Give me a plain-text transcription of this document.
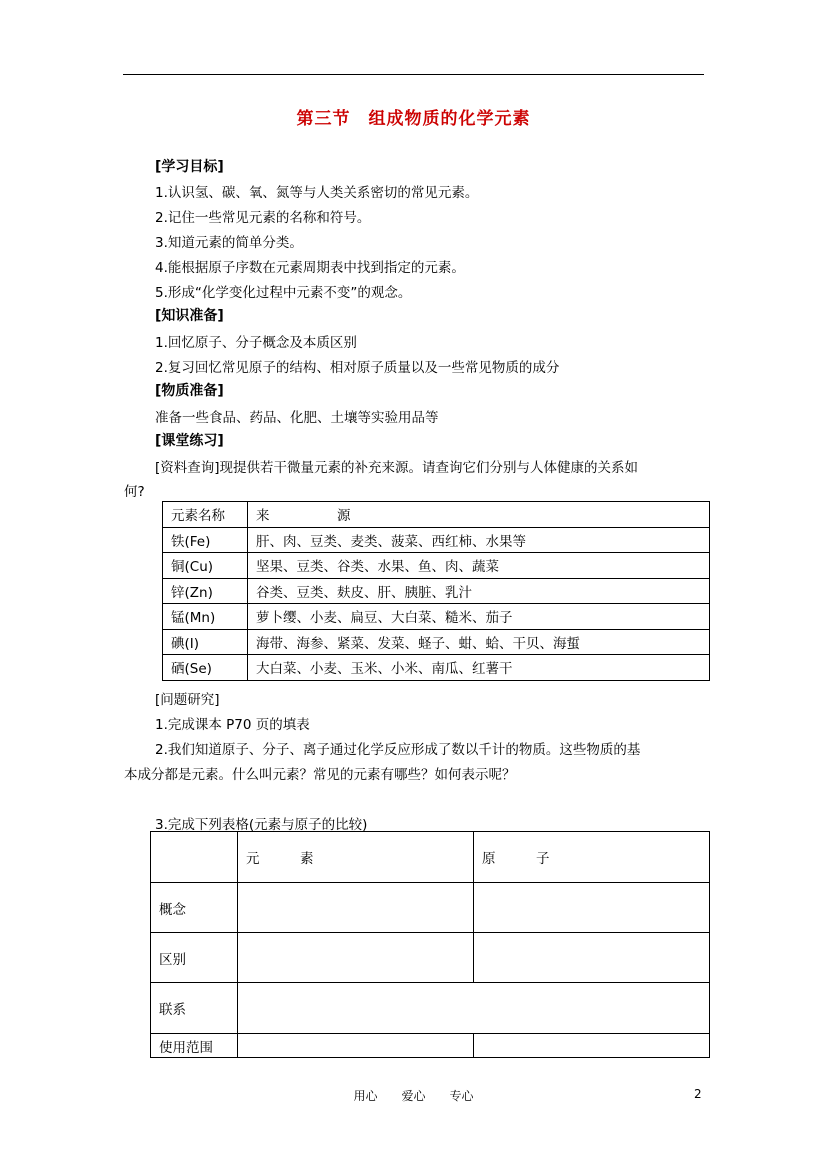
第三节　组成物质的化学元素
[学习目标]
1.认识氢、碳、氧、氮等与人类关系密切的常见元素。
2.记住一些常见元素的名称和符号。
3.知道元素的简单分类。
4.能根据原子序数在元素周期表中找到指定的元素。
5.形成“化学变化过程中元素不变”的观念。
[知识准备]
1.回忆原子、分子概念及本质区别
2.复习回忆常见原子的结构、相对原子质量以及一些常见物质的成分
[物质准备]
准备一些食品、药品、化肥、土壤等实验用品等
[课堂练习]
[资料查询]现提供若干微量元素的补充来源。请查询它们分别与人体健康的关系如
何?
元素名称	来　　　　　源
铁(Fe)	肝、肉、豆类、麦类、菠菜、西红柿、水果等
铜(Cu)	坚果、豆类、谷类、水果、鱼、肉、蔬菜
锌(Zn)	谷类、豆类、麸皮、肝、胰脏、乳汁
锰(Mn)	萝卜缨、小麦、扁豆、大白菜、糙米、茄子
碘(I)	海带、海参、紧菜、发菜、蛏子、蚶、蛤、干贝、海蜇
硒(Se)	大白菜、小麦、玉米、小米、南瓜、红薯干
[问题研究]
1.完成课本 P70 页的填表
2.我们知道原子、分子、离子通过化学反应形成了数以千计的物质。这些物质的基
本成分都是元素。什么叫元素？常见的元素有哪些？如何表示呢？
3.完成下列表格(元素与原子的比较)
	元　　　素	原　　　子
概念		
区别		
联系		
使用范围		
用心　　爱心　　专心	2
